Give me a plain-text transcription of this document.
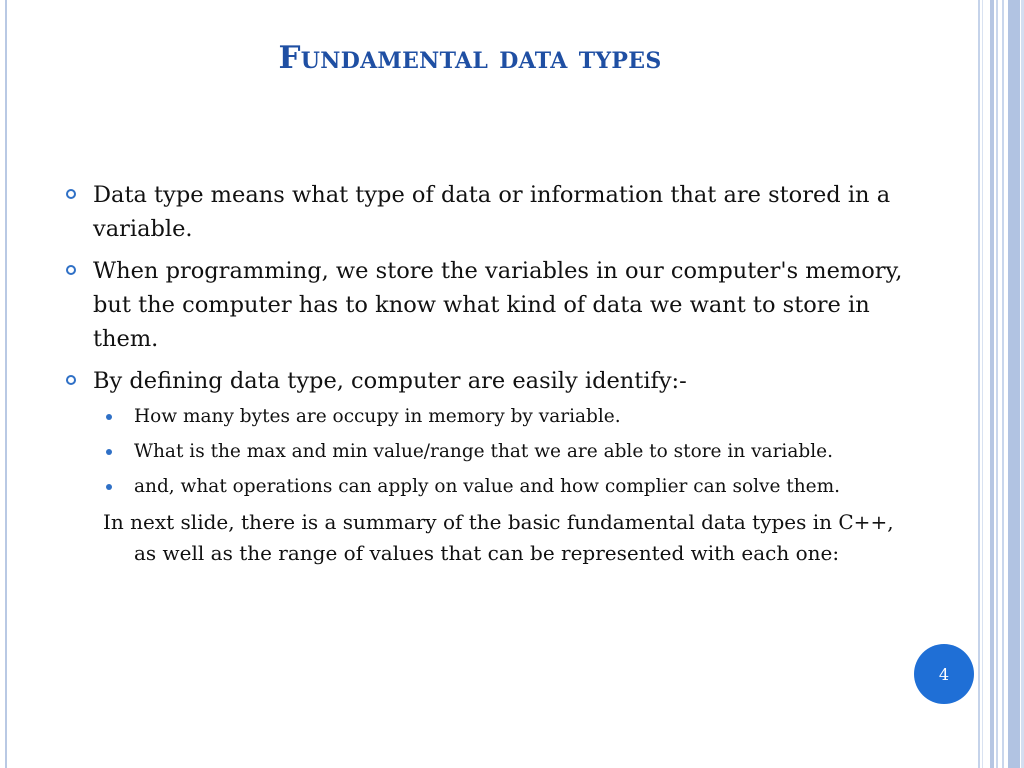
Fundamental data types
Data type means what type of data or information that are stored in a variable.
When programming, we store the variables in our computer's memory, but the computer has to know what kind of data we want to store in them.
By defining data type, computer are easily identify:-
How many bytes are occupy in memory by variable.
What is the max and min value/range that we are able to store in variable.
and, what operations can apply on value and how complier can solve them.
In next slide, there is a summary of the basic fundamental data types in C++, as well as the range of values that can be represented with each one:
4
